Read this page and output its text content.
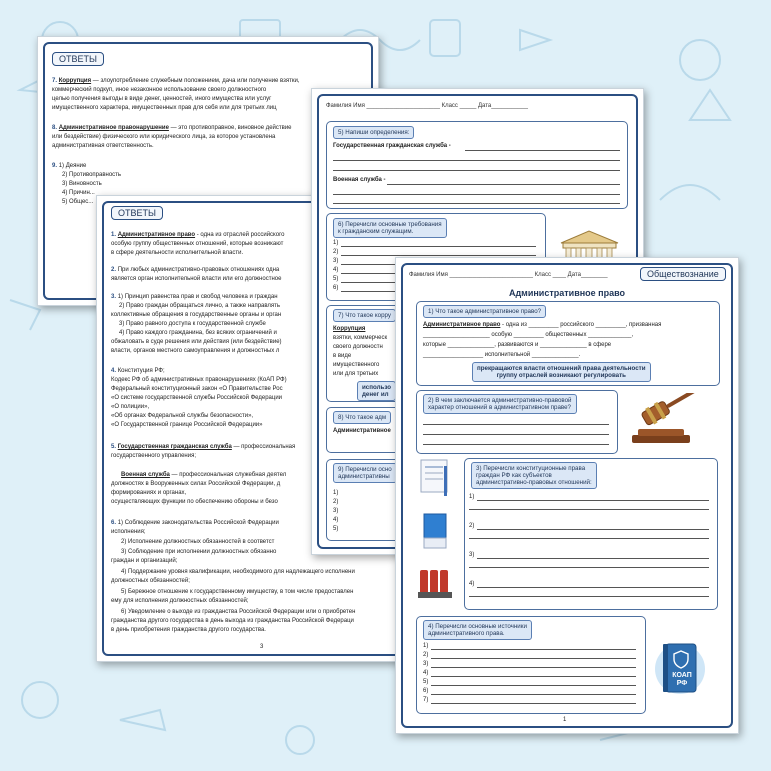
ОТВЕТЫ
7. Коррупция — злоупотребление служебным положением, дача или получение взятки,
коммерческий подкуп, иное незаконное использование своего должностного
целью получения выгоды в виде денег, ценностей, иного имущества или услуг
имущественного характера, имущественных прав для себя или для третьих лиц
8. Административное правонарушение — это противоправное, виновное действие
или бездействие) физического или юридического лица, за которое установлена
административная ответственность.
9. 1) Деяние
2) Противоправность
3) Виновность
4) Причин...
5) Общес...
ОТВЕТЫ
1. Административное право - одна из отраслей российского
особую группу общественных отношений, которые возникают
в сфере деятельности исполнительной власти.
2. При любых административно-правовых отношениях одна
является орган исполнительной власти или его должностное
3. 1) Принцип равенства прав и свобод человека и граждан
2) Право граждан обращаться лично, а также направлять
коллективные обращения в государственные органы и орган
3) Право равного доступа к государственной службе
4) Право каждого гражданина, без всяких ограничений и
обжаловать в суде решения или действия (или бездействие)
власти, органов местного самоуправления и должностных л
4. Конституция РФ;
Кодекс РФ об административных правонарушениях (КоАП РФ)
Федеральный конституционный закон «О Правительстве Рос
«О системе государственной службы Российской Федерации
«О полиции»,
«Об органах Федеральной службы безопасности»,
«О Государственной границе Российской Федерации»
5. Государственная гражданская служба — профессиональная
государственного управления;
Военная служба — профессиональная служебная деятел
должностях в Вооруженных силах Российской Федерации, д
формированиях и органах,
осуществляющих функции по обеспечению обороны и безо
6. 1) Соблюдение законодательства Российской Федерации
исполнения;
2) Исполнение должностных обязанностей в соответст
3) Соблюдение при исполнении должностных обязанно
граждан и организаций;
4) Поддержание уровня квалификации, необходимого для надлежащего исполнени
должностных обязанностей;
5) Бережное отношение к государственному имуществу, в том числе предоставлен
ему для исполнения должностных обязанностей;
6) Уведомление о выходе из гражданства Российской Федерации или о приобретен
гражданства другого государства в день выхода из гражданства Российской Федераци
в день приобретения гражданства другого государства.
3
Фамилия Имя ______________________ Класс _____ Дата___________
5) Напиши определения:
Государственная гражданская служба -
Военная служба -
6) Перечисли основные требования
к гражданским служащим.
1)
2)
3)
4)
5)
6)
7) Что такое корру
Коррупция
взятки, коммерческ
своего должностн
в виде
имущественного
или для третьих
использо
денег ил
8) Что такое адм
Административное
9) Перечисли осно
административны
1)
2)
3)
4)
5)
Фамилия Имя _________________________ Класс ____ Дата________	Обществознание
Административное право
1) Что такое административное право?
Административное право - одна из _________ российского _________, призванная
____________________ особую _________ общественных _____________,
которые ______________, развиваются и ______________ в сфере
__________________ исполнительной ______________.
прекращаются власти отношений права деятельности
группу отраслей возникают регулировать
2) В чем заключается административно-правовой
характер отношений в административном праве?
3) Перечисли конституционные права
граждан РФ как субъектов
административно-правовых отношений:
1)
2)
3)
4)
4) Перечисли основные источники
административного права.
1)
2)
3)
4)
5)
6)
7)
КОАП
РФ
1
